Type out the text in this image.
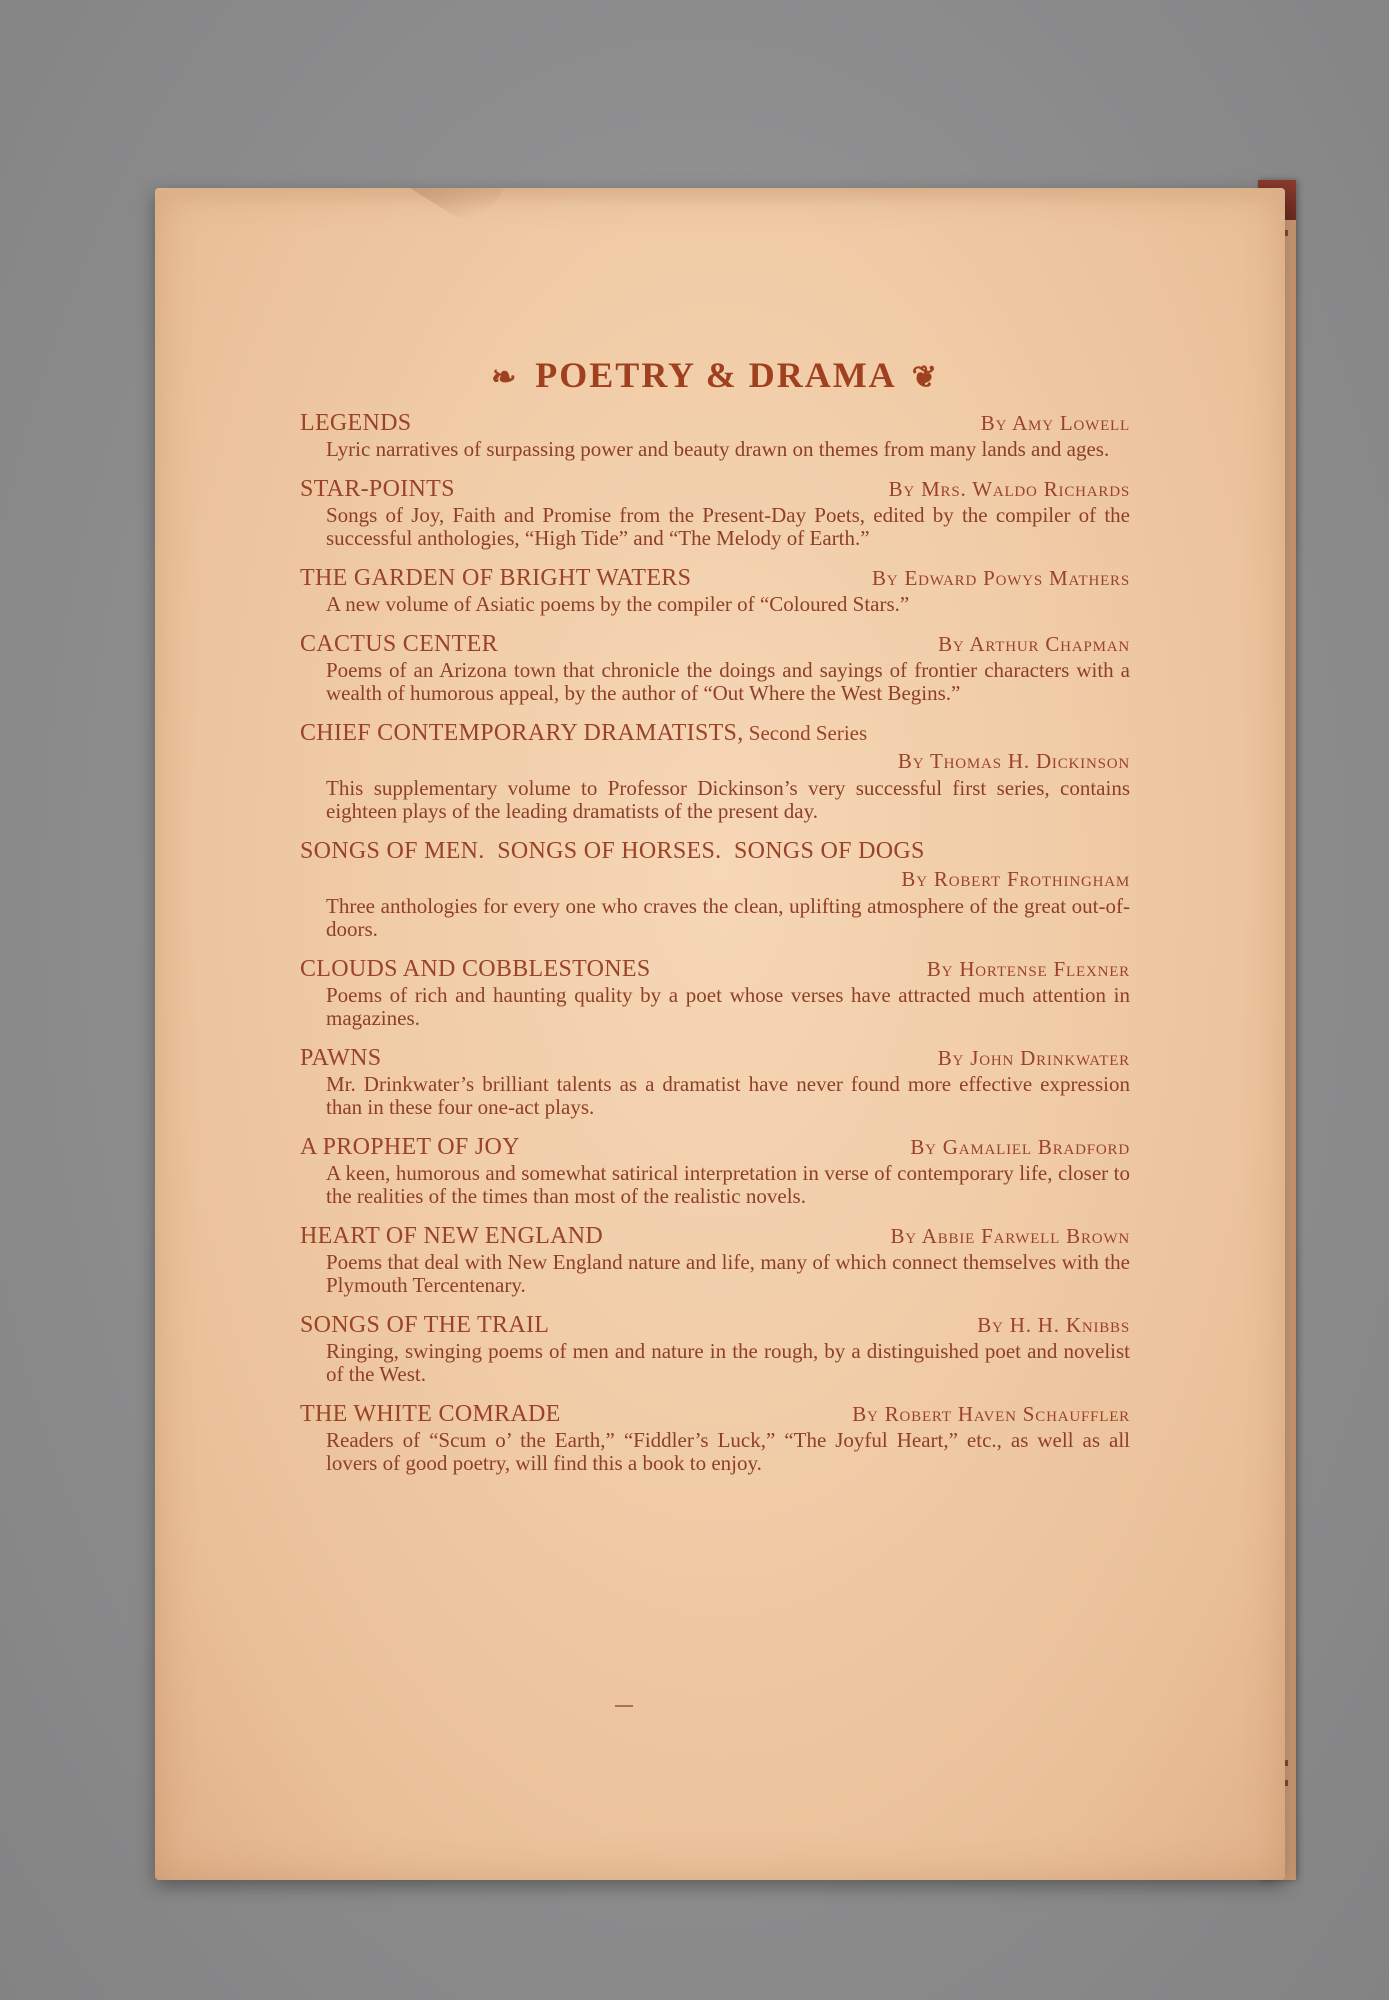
❧ POETRY & DRAMA ❦
LEGENDS	By Amy Lowell
Lyric narratives of surpassing power and beauty drawn on themes from many lands and ages.
STAR-POINTS	By Mrs. Waldo Richards
Songs of Joy, Faith and Promise from the Present-Day Poets, edited by the compiler of the successful anthologies, “High Tide” and “The Melody of Earth.”
THE GARDEN OF BRIGHT WATERS	By Edward Powys Mathers
A new volume of Asiatic poems by the compiler of “Coloured Stars.”
CACTUS CENTER	By Arthur Chapman
Poems of an Arizona town that chronicle the doings and sayings of frontier characters with a wealth of humorous appeal, by the author of “Out Where the West Begins.”
CHIEF CONTEMPORARY DRAMATISTS, Second Series
By Thomas H. Dickinson
This supplementary volume to Professor Dickinson’s very successful first series, contains eighteen plays of the leading dramatists of the present day.
SONGS OF MEN.  SONGS OF HORSES.  SONGS OF DOGS
By Robert Frothingham
Three anthologies for every one who craves the clean, uplifting atmosphere of the great out-of-doors.
CLOUDS AND COBBLESTONES	By Hortense Flexner
Poems of rich and haunting quality by a poet whose verses have attracted much attention in magazines.
PAWNS	By John Drinkwater
Mr. Drinkwater’s brilliant talents as a dramatist have never found more effective expression than in these four one-act plays.
A PROPHET OF JOY	By Gamaliel Bradford
A keen, humorous and somewhat satirical interpretation in verse of contemporary life, closer to the realities of the times than most of the realistic novels.
HEART OF NEW ENGLAND	By Abbie Farwell Brown
Poems that deal with New England nature and life, many of which connect themselves with the Plymouth Tercentenary.
SONGS OF THE TRAIL	By H. H. Knibbs
Ringing, swinging poems of men and nature in the rough, by a distinguished poet and novelist of the West.
THE WHITE COMRADE	By Robert Haven Schauffler
Readers of “Scum o’ the Earth,” “Fiddler’s Luck,” “The Joyful Heart,” etc., as well as all lovers of good poetry, will find this a book to enjoy.
